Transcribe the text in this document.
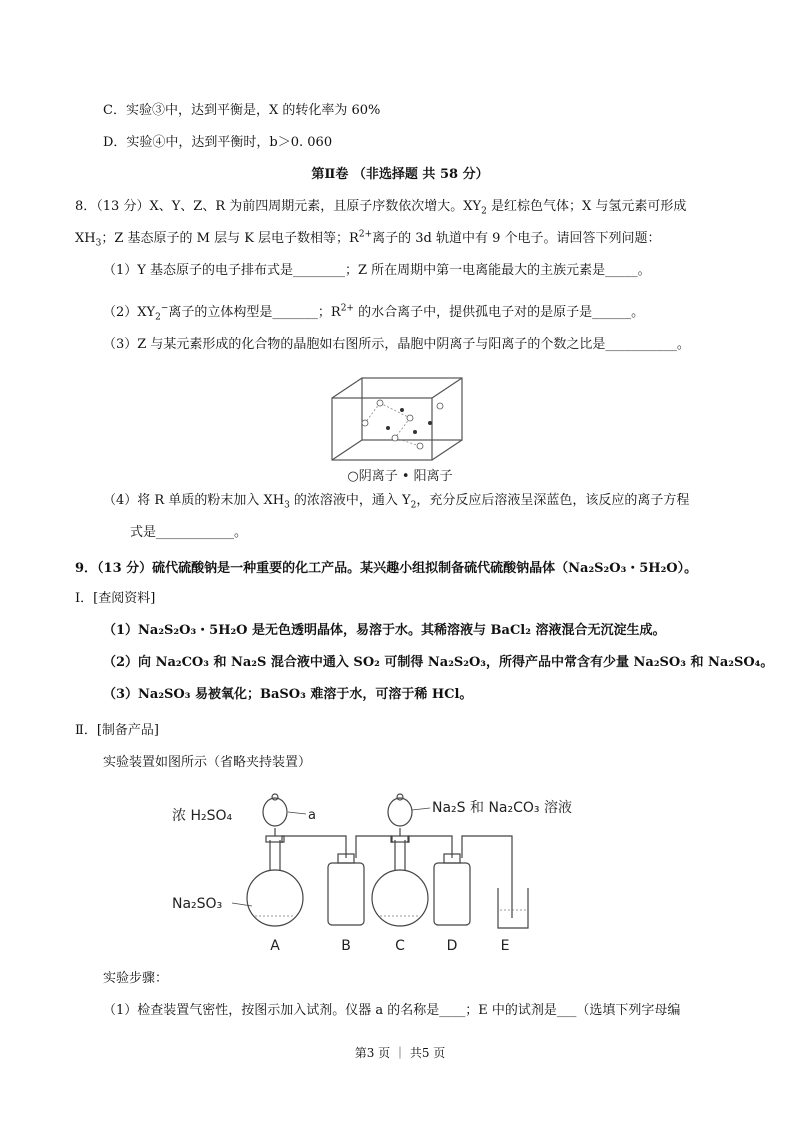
C．实验③中，达到平衡是，X 的转化率为 60%
D．实验④中，达到平衡时，b＞0. 060
第Ⅱ卷 （非选择题 共 58 分）
8．（13 分）X、Y、Z、R 为前四周期元素，且原子序数依次增大。$XY_2$ 是红棕色气体；X 与氢元素可形成
$XH_3$；Z 基态原子的 M 层与 K 层电子数相等；$R^{2+}$离子的 3d 轨道中有 9 个电子。请回答下列问题：
（1）Y 基态原子的电子排布式是________；Z 所在周期中第一电离能最大的主族元素是_____。
$(2)XY_2^-$离子的立体构型是_______；$R^{2+}$ 的水合离子中，提供孤电子对的是原子是______。
（3）Z 与某元素形成的化合物的晶胞如右图所示，晶胞中阴离子与阳离子的个数之比是___________。
○阴离子 • 阳离子
（4）将 R 单质的粉末加入 $XH_3$ 的浓溶液中，通入 $Y_2$，充分反应后溶液呈深蓝色，该反应的离子方程
式是____________。
9．（13 分）硫代硫酸钠是一种重要的化工产品。某兴趣小组拟制备硫代硫酸钠晶体（Na₂S₂O₃・5H₂O）。
I．[查阅资料]
（1）Na₂S₂O₃・5H₂O 是无色透明晶体，易溶于水。其稀溶液与 BaCl₂ 溶液混合无沉淀生成。
（2）向 Na₂CO₃ 和 Na₂S 混合液中通入 SO₂ 可制得 Na₂S₂O₃，所得产品中常含有少量 Na₂SO₃ 和 Na₂SO₄。
（3）Na₂SO₃ 易被氧化；BaSO₃ 难溶于水，可溶于稀 HCl。
Ⅱ．[制备产品]
实验装置如图所示（省略夹持装置）
浓 H₂SO₄	a	Na₂S 和 Na₂CO₃ 溶液
Na₂SO₃
A	B	C	D	E
实验步骤：
（1）检查装置气密性，按图示加入试剂。仪器 a 的名称是____；E 中的试剂是___（选填下列字母编
第3 页 ｜ 共5 页
